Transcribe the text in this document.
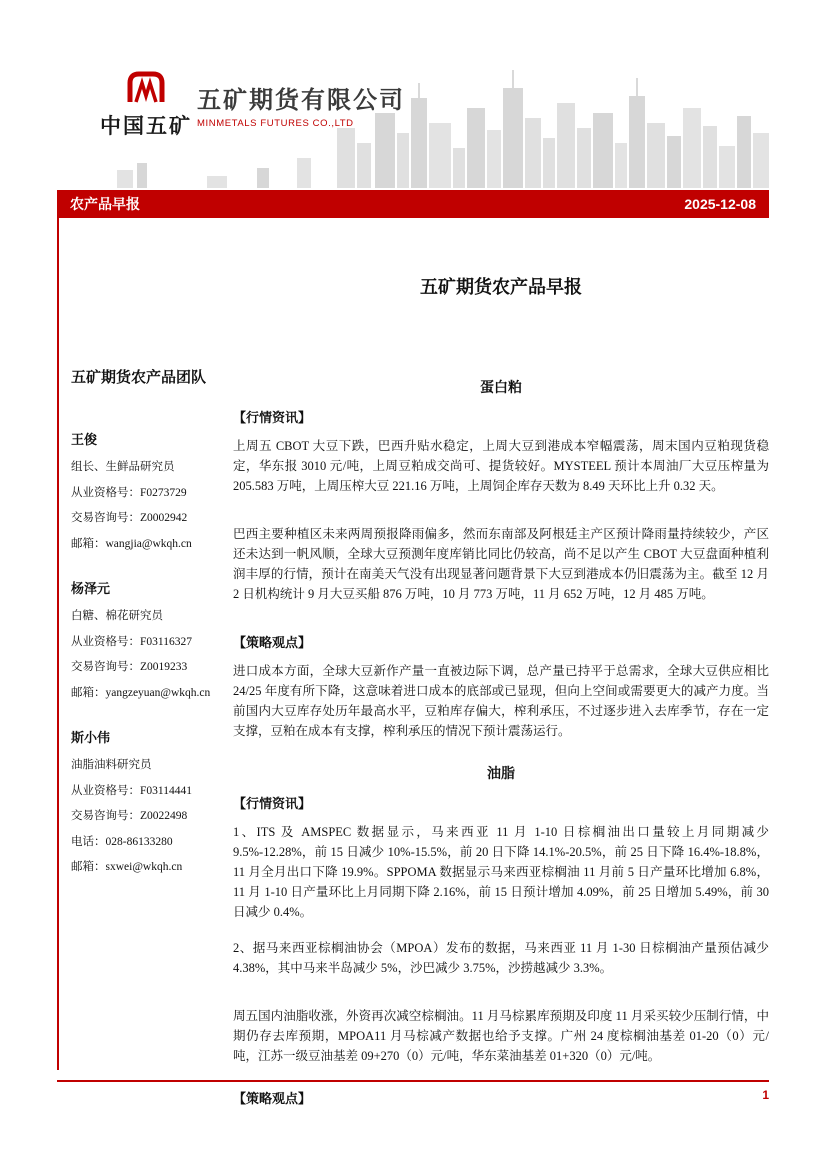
中国五矿
五矿期货有限公司
MINMETALS FUTURES CO.,LTD
农产品早报	2025-12-08
五矿期货农产品团队
王俊
组长、生鲜品研究员
从业资格号：F0273729
交易咨询号：Z0002942
邮箱：wangjia@wkqh.cn
杨泽元
白糖、棉花研究员
从业资格号：F03116327
交易咨询号：Z0019233
邮箱：yangzeyuan@wkqh.cn
斯小伟
油脂油料研究员
从业资格号：F03114441
交易咨询号：Z0022498
电话：028-86133280
邮箱：sxwei@wkqh.cn
五矿期货农产品早报
蛋白粕
【行情资讯】

上周五 CBOT 大豆下跌，巴西升贴水稳定，上周大豆到港成本窄幅震荡，周末国内豆粕现货稳定，华东报 3010 元/吨，上周豆粕成交尚可、提货较好。MYSTEEL 预计本周油厂大豆压榨量为 205.583 万吨，上周压榨大豆 221.16 万吨，上周饲企库存天数为 8.49 天环比上升 0.32 天。

巴西主要种植区未来两周预报降雨偏多，然而东南部及阿根廷主产区预计降雨量持续较少，产区还未达到一帆风顺，全球大豆预测年度库销比同比仍较高，尚不足以产生 CBOT 大豆盘面种植利润丰厚的行情，预计在南美天气没有出现显著问题背景下大豆到港成本仍旧震荡为主。截至 12 月 2 日机构统计 9 月大豆买船 876 万吨，10 月 773 万吨，11 月 652 万吨，12 月 485 万吨。

【策略观点】

进口成本方面，全球大豆新作产量一直被边际下调，总产量已持平于总需求，全球大豆供应相比 24/25 年度有所下降，这意味着进口成本的底部或已显现，但向上空间或需要更大的减产力度。当前国内大豆库存处历年最高水平，豆粕库存偏大，榨利承压，不过逐步进入去库季节，存在一定支撑，豆粕在成本有支撑，榨利承压的情况下预计震荡运行。

油脂
【行情资讯】

1、ITS 及 AMSPEC 数据显示，马来西亚 11 月 1-10 日棕榈油出口量较上月同期减少 9.5%-12.28%，前 15 日减少 10%-15.5%，前 20 日下降 14.1%-20.5%，前 25 日下降 16.4%-18.8%，11 月全月出口下降 19.9%。SPPOMA 数据显示马来西亚棕榈油 11 月前 5 日产量环比增加 6.8%，11 月 1-10 日产量环比上月同期下降 2.16%，前 15 日预计增加 4.09%，前 25 日增加 5.49%，前 30 日减少 0.4%。

2、据马来西亚棕榈油协会（MPOA）发布的数据，马来西亚 11 月 1-30 日棕榈油产量预估减少 4.38%，其中马来半岛减少 5%，沙巴减少 3.75%，沙捞越减少 3.3%。

周五国内油脂收涨，外资再次减空棕榈油。11 月马棕累库预期及印度 11 月采买较少压制行情，中期仍存去库预期，MPOA11 月马棕减产数据也给予支撑。广州 24 度棕榈油基差 01-20（0）元/吨，江苏一级豆油基差 09+270（0）元/吨，华东菜油基差 01+320（0）元/吨。

【策略观点】	1
